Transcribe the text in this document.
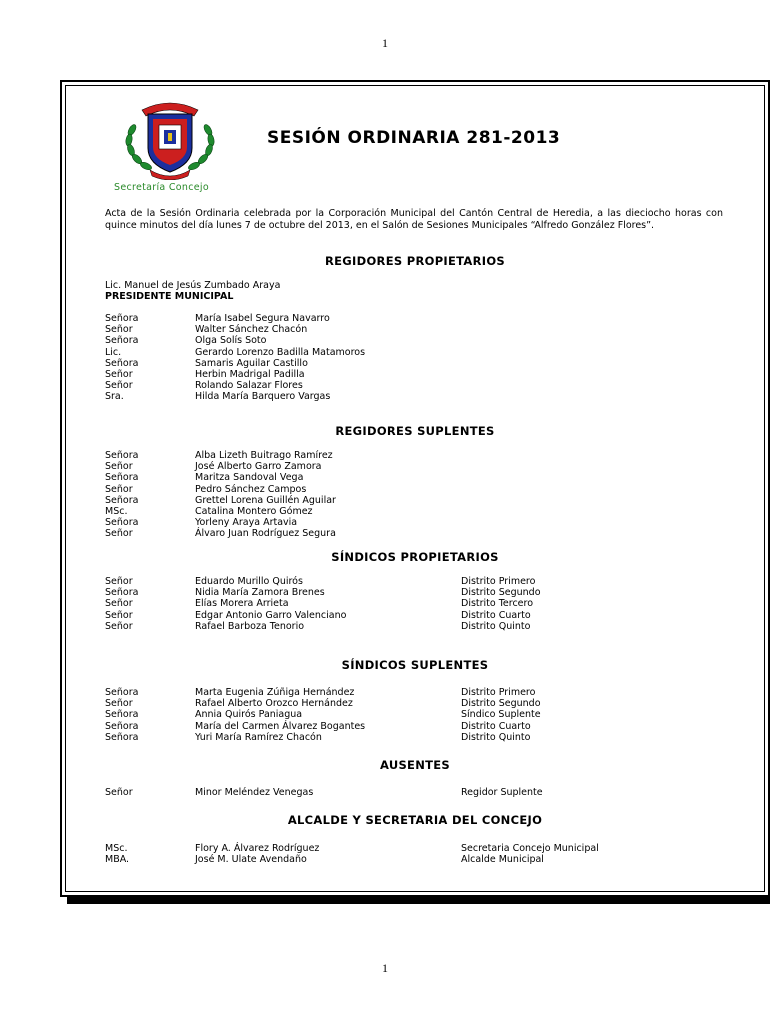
1
Secretaría Concejo
SESIÓN ORDINARIA 281-2013
Acta de la Sesión Ordinaria celebrada por la Corporación Municipal del Cantón Central de Heredia, a las dieciocho horas con quince minutos del día lunes 7 de octubre del 2013, en el Salón de Sesiones Municipales “Alfredo González Flores”.
REGIDORES PROPIETARIOS
Lic. Manuel de Jesús Zumbado Araya
PRESIDENTE MUNICIPAL
Señora	María Isabel Segura Navarro
Señor	Walter Sánchez Chacón
Señora	Olga Solís Soto
Lic.	Gerardo Lorenzo Badilla Matamoros
Señora	Samaris Aguilar Castillo
Señor	Herbin Madrigal Padilla
Señor	Rolando Salazar Flores
Sra.	Hilda María Barquero Vargas
REGIDORES SUPLENTES
Señora	Alba Lizeth Buitrago Ramírez
Señor	José Alberto Garro Zamora
Señora	Maritza Sandoval Vega
Señor	Pedro Sánchez Campos
Señora	Grettel Lorena Guillén Aguilar
MSc.	Catalina Montero Gómez
Señora	Yorleny Araya Artavia
Señor	Álvaro Juan Rodríguez Segura
SÍNDICOS PROPIETARIOS
Señor	Eduardo Murillo Quirós	Distrito Primero
Señora	Nidia María Zamora Brenes	Distrito Segundo
Señor	Elías Morera Arrieta	Distrito Tercero
Señor	Edgar Antonio Garro Valenciano	Distrito Cuarto
Señor	Rafael Barboza Tenorio	Distrito Quinto
SÍNDICOS SUPLENTES
Señora	Marta Eugenia Zúñiga Hernández	Distrito Primero
Señor	Rafael Alberto Orozco Hernández	Distrito Segundo
Señora	Annia Quirós Paniagua	Síndico Suplente
Señora	María del Carmen Álvarez Bogantes	Distrito Cuarto
Señora	Yuri María Ramírez Chacón	Distrito Quinto
AUSENTES
Señor	Minor Meléndez Venegas	Regidor Suplente
ALCALDE Y SECRETARIA DEL CONCEJO
MSc.	Flory A. Álvarez Rodríguez	Secretaria Concejo Municipal
MBA.	José M. Ulate Avendaño	Alcalde Municipal
1
